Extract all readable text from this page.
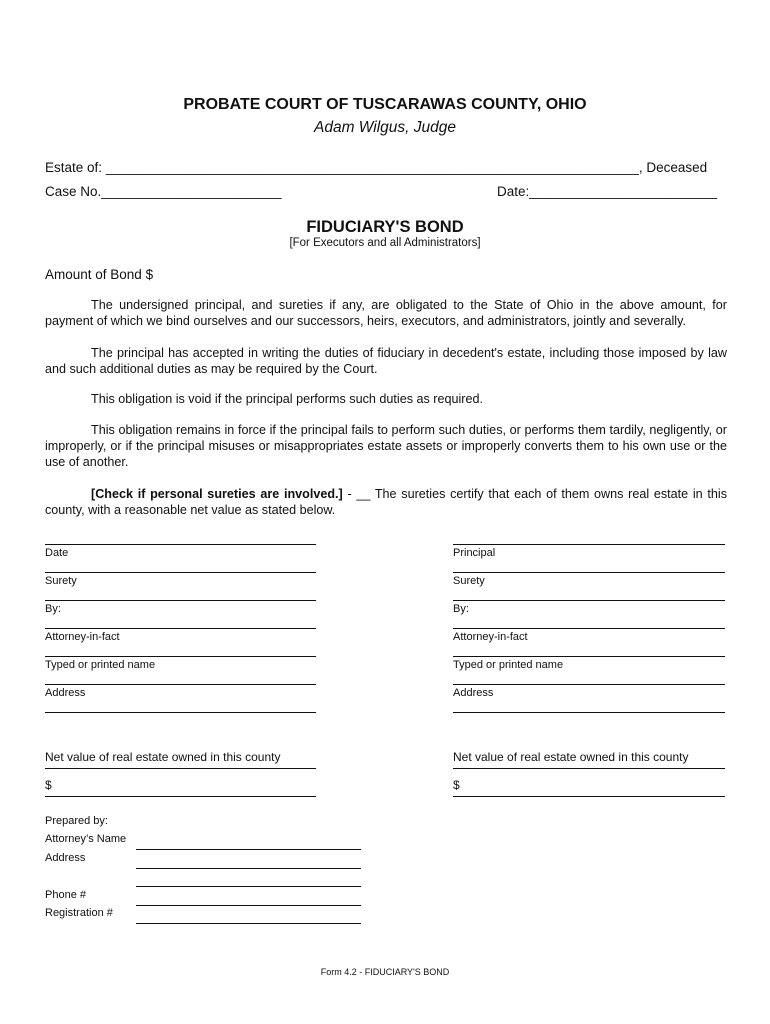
PROBATE COURT OF TUSCARAWAS COUNTY, OHIO
Adam Wilgus, Judge
Estate of: _______________________________________________________________________, Deceased
Case No.________________________	Date:_________________________
FIDUCIARY'S BOND
[For Executors and all Administrators]
Amount of Bond $
The undersigned principal, and sureties if any, are obligated to the State of Ohio in the above amount, for payment of which we bind ourselves and our successors, heirs, executors, and administrators, jointly and severally.
The principal has accepted in writing the duties of fiduciary in decedent's estate, including those imposed by law and such additional duties as may be required by the Court.
This obligation is void if the principal performs such duties as required.
This obligation remains in force if the principal fails to perform such duties, or performs them tardily, negligently, or improperly, or if the principal misuses or misappropriates estate assets or improperly converts them to his own use or the use of another.
[Check if personal sureties are involved.] - __ The sureties certify that each of them owns real estate in this county, with a reasonable net value as stated below.
Date
Surety
By:
Attorney-in-fact
Typed or printed name
Address
Net value of real estate owned in this county
$
Principal
Surety
By:
Attorney-in-fact
Typed or printed name
Address
Net value of real estate owned in this county
$
Prepared by:
Attorney’s Name
Address
Phone #
Registration #
Form 4.2 - FIDUCIARY'S BOND
